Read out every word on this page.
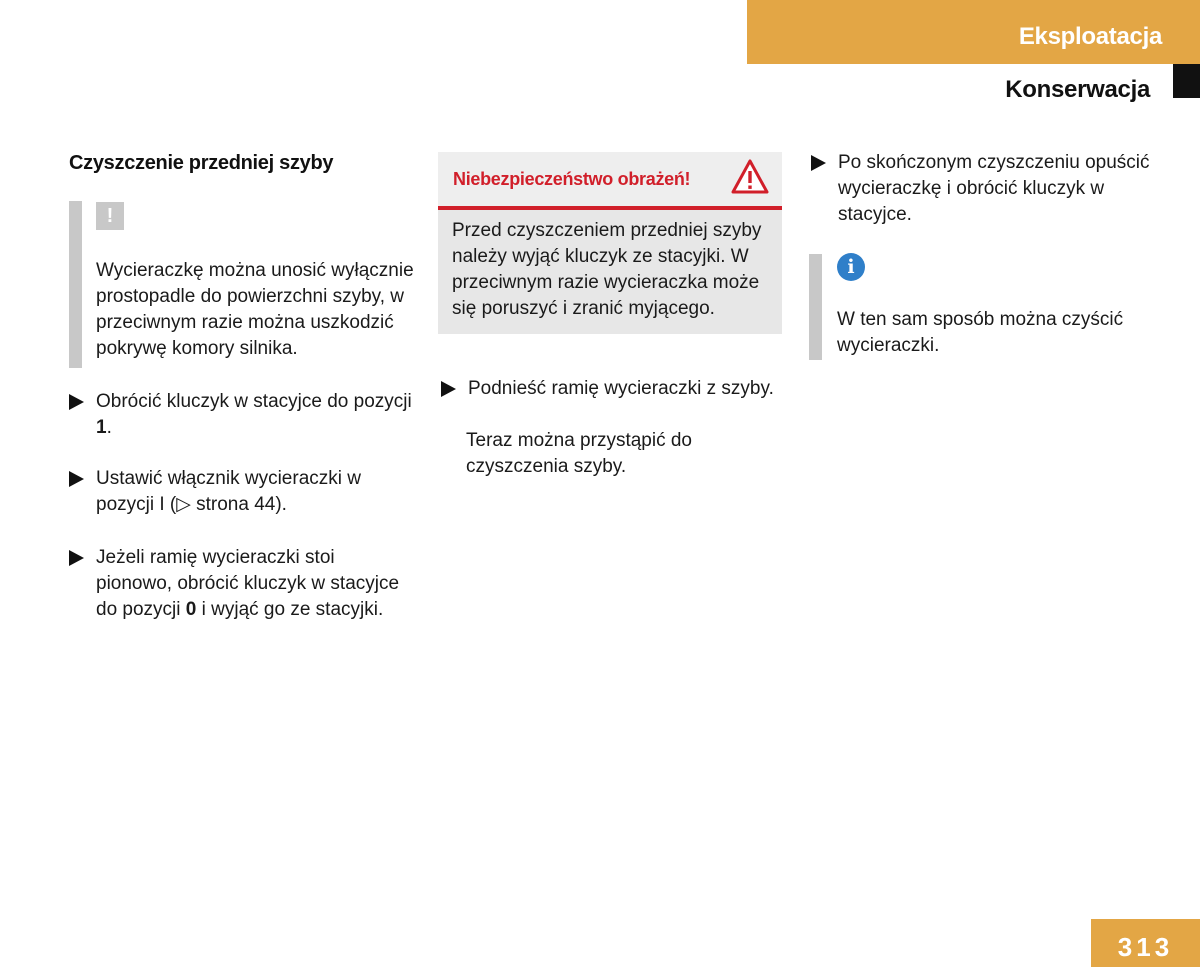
Eksploatacja
Konserwacja
Czyszczenie przedniej szyby
!
Wycieraczkę można unosić wyłącznie prostopadle do powierzchni szyby, w przeciwnym razie można uszkodzić pokrywę komory silnika.
Obrócić kluczyk w stacyjce do pozycji 1.
Ustawić włącznik wycieraczki w pozycji I (▷ strona 44).
Jeżeli ramię wycieraczki stoi pionowo, obrócić kluczyk w stacyjce do pozycji 0 i wyjąć go ze stacyjki.
Niebezpieczeństwo obrażeń!
Przed czyszczeniem przedniej szyby należy wyjąć kluczyk ze stacyjki. W przeciwnym razie wycieraczka może się poruszyć i zranić myjącego.
Podnieść ramię wycieraczki z szyby.
Teraz można przystąpić do czyszczenia szyby.
Po skończonym czyszczeniu opuścić wycieraczkę i obrócić kluczyk w stacyjce.
i
W ten sam sposób można czyścić wycieraczki.
313
